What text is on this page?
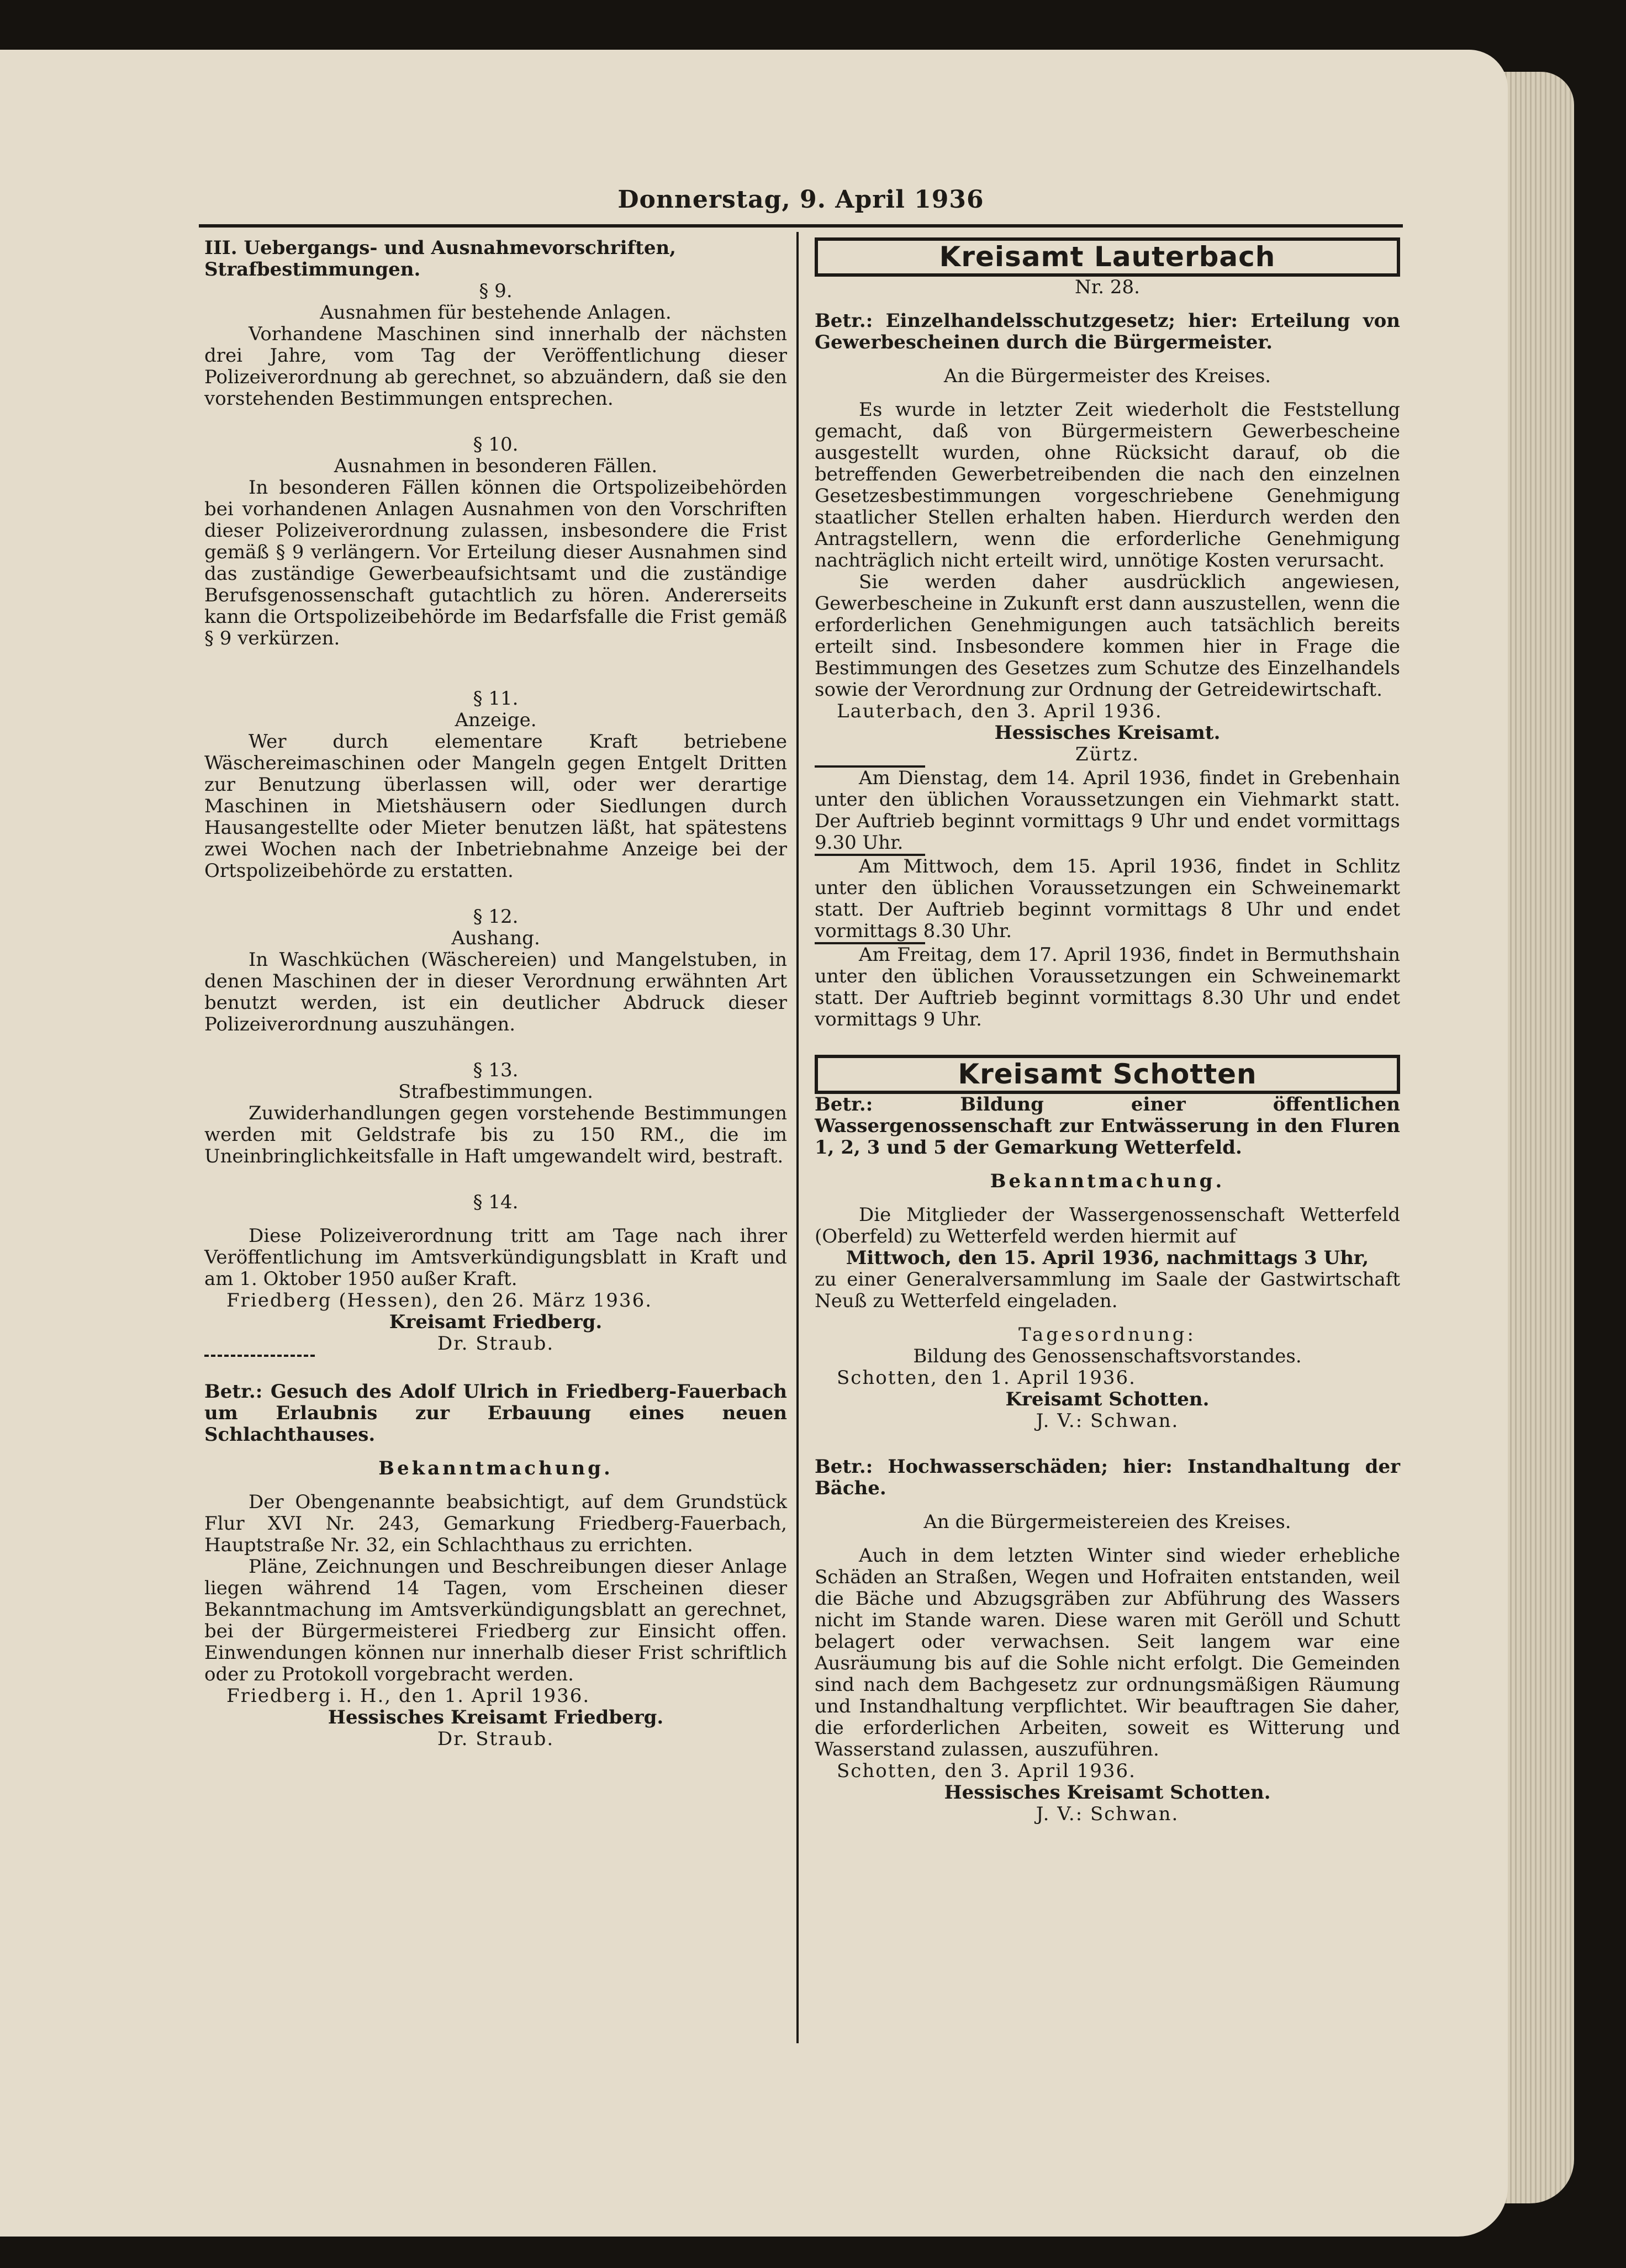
Donnerstag, 9. April 1936
III. Uebergangs- und Ausnahmevorschriften, Strafbestimmungen.
§ 9.
Ausnahmen für bestehende Anlagen.
Vorhandene Maschinen sind innerhalb der nächsten drei Jahre, vom Tag der Veröffentlichung dieser Polizeiverordnung ab gerechnet, so abzuändern, daß sie den vorstehenden Bestimmungen entsprechen.
§ 10.
Ausnahmen in besonderen Fällen.
In besonderen Fällen können die Ortspolizeibehörden bei vorhandenen Anlagen Ausnahmen von den Vorschriften dieser Polizeiverordnung zulassen, insbesondere die Frist gemäß § 9 verlängern. Vor Erteilung dieser Ausnahmen sind das zuständige Gewerbeaufsichtsamt und die zuständige Berufsgenossenschaft gutachtlich zu hören. Andererseits kann die Ortspolizeibehörde im Bedarfsfalle die Frist gemäß § 9 verkürzen.
§ 11.
Anzeige.
Wer durch elementare Kraft betriebene Wäschereimaschinen oder Mangeln gegen Entgelt Dritten zur Benutzung überlassen will, oder wer derartige Maschinen in Mietshäusern oder Siedlungen durch Hausangestellte oder Mieter benutzen läßt, hat spätestens zwei Wochen nach der Inbetriebnahme Anzeige bei der Ortspolizeibehörde zu erstatten.
§ 12.
Aushang.
In Waschküchen (Wäschereien) und Mangelstuben, in denen Maschinen der in dieser Verordnung erwähnten Art benutzt werden, ist ein deutlicher Abdruck dieser Polizeiverordnung auszuhängen.
§ 13.
Strafbestimmungen.
Zuwiderhandlungen gegen vorstehende Bestimmungen werden mit Geldstrafe bis zu 150 RM., die im Uneinbringlichkeitsfalle in Haft umgewandelt wird, bestraft.
§ 14.
Diese Polizeiverordnung tritt am Tage nach ihrer Veröffentlichung im Amtsverkündigungsblatt in Kraft und am 1. Oktober 1950 außer Kraft.
Friedberg (Hessen), den 26. März 1936.
Kreisamt Friedberg.
Dr. Straub.
Betr.: Gesuch des Adolf Ulrich in Friedberg-Fauerbach um Erlaubnis zur Erbauung eines neuen Schlachthauses.
Bekanntmachung.
Der Obengenannte beabsichtigt, auf dem Grundstück Flur XVI Nr. 243, Gemarkung Friedberg-Fauerbach, Hauptstraße Nr. 32, ein Schlachthaus zu errichten.
Pläne, Zeichnungen und Beschreibungen dieser Anlage liegen während 14 Tagen, vom Erscheinen dieser Bekanntmachung im Amtsverkündigungsblatt an gerechnet, bei der Bürgermeisterei Friedberg zur Einsicht offen. Einwendungen können nur innerhalb dieser Frist schriftlich oder zu Protokoll vorgebracht werden.
Friedberg i. H., den 1. April 1936.
Hessisches Kreisamt Friedberg.
Dr. Straub.
Kreisamt Lauterbach
Nr. 28.
Betr.: Einzelhandelsschutzgesetz; hier: Erteilung von Gewerbescheinen durch die Bürgermeister.
An die Bürgermeister des Kreises.
Es wurde in letzter Zeit wiederholt die Feststellung gemacht, daß von Bürgermeistern Gewerbescheine ausgestellt wurden, ohne Rücksicht darauf, ob die betreffenden Gewerbetreibenden die nach den einzelnen Gesetzesbestimmungen vorgeschriebene Genehmigung staatlicher Stellen erhalten haben. Hierdurch werden den Antragstellern, wenn die erforderliche Genehmigung nachträglich nicht erteilt wird, unnötige Kosten verursacht.
Sie werden daher ausdrücklich angewiesen, Gewerbescheine in Zukunft erst dann auszustellen, wenn die erforderlichen Genehmigungen auch tatsächlich bereits erteilt sind. Insbesondere kommen hier in Frage die Bestimmungen des Gesetzes zum Schutze des Einzelhandels sowie der Verordnung zur Ordnung der Getreidewirtschaft.
Lauterbach, den 3. April 1936.
Hessisches Kreisamt.
Zürtz.
Am Dienstag, dem 14. April 1936, findet in Grebenhain unter den üblichen Voraussetzungen ein Viehmarkt statt. Der Auftrieb beginnt vormittags 9 Uhr und endet vormittags 9.30 Uhr.
Am Mittwoch, dem 15. April 1936, findet in Schlitz unter den üblichen Voraussetzungen ein Schweinemarkt statt. Der Auftrieb beginnt vormittags 8 Uhr und endet vormittags 8.30 Uhr.
Am Freitag, dem 17. April 1936, findet in Bermuthshain unter den üblichen Voraussetzungen ein Schweinemarkt statt. Der Auftrieb beginnt vormittags 8.30 Uhr und endet vormittags 9 Uhr.
Kreisamt Schotten
Betr.: Bildung einer öffentlichen Wassergenossenschaft zur Entwässerung in den Fluren 1, 2, 3 und 5 der Gemarkung Wetterfeld.
Bekanntmachung.
Die Mitglieder der Wassergenossenschaft Wetterfeld (Oberfeld) zu Wetterfeld werden hiermit auf
Mittwoch, den 15. April 1936, nachmittags 3 Uhr,
zu einer Generalversammlung im Saale der Gastwirtschaft Neuß zu Wetterfeld eingeladen.
Tagesordnung:
Bildung des Genossenschaftsvorstandes.
Schotten, den 1. April 1936.
Kreisamt Schotten.
J. V.: Schwan.
Betr.: Hochwasserschäden; hier: Instandhaltung der Bäche.
An die Bürgermeistereien des Kreises.
Auch in dem letzten Winter sind wieder erhebliche Schäden an Straßen, Wegen und Hofraiten entstanden, weil die Bäche und Abzugsgräben zur Abführung des Wassers nicht im Stande waren. Diese waren mit Geröll und Schutt belagert oder verwachsen. Seit langem war eine Ausräumung bis auf die Sohle nicht erfolgt. Die Gemeinden sind nach dem Bachgesetz zur ordnungsmäßigen Räumung und Instandhaltung verpflichtet. Wir beauftragen Sie daher, die erforderlichen Arbeiten, soweit es Witterung und Wasserstand zulassen, auszuführen.
Schotten, den 3. April 1936.
Hessisches Kreisamt Schotten.
J. V.: Schwan.
